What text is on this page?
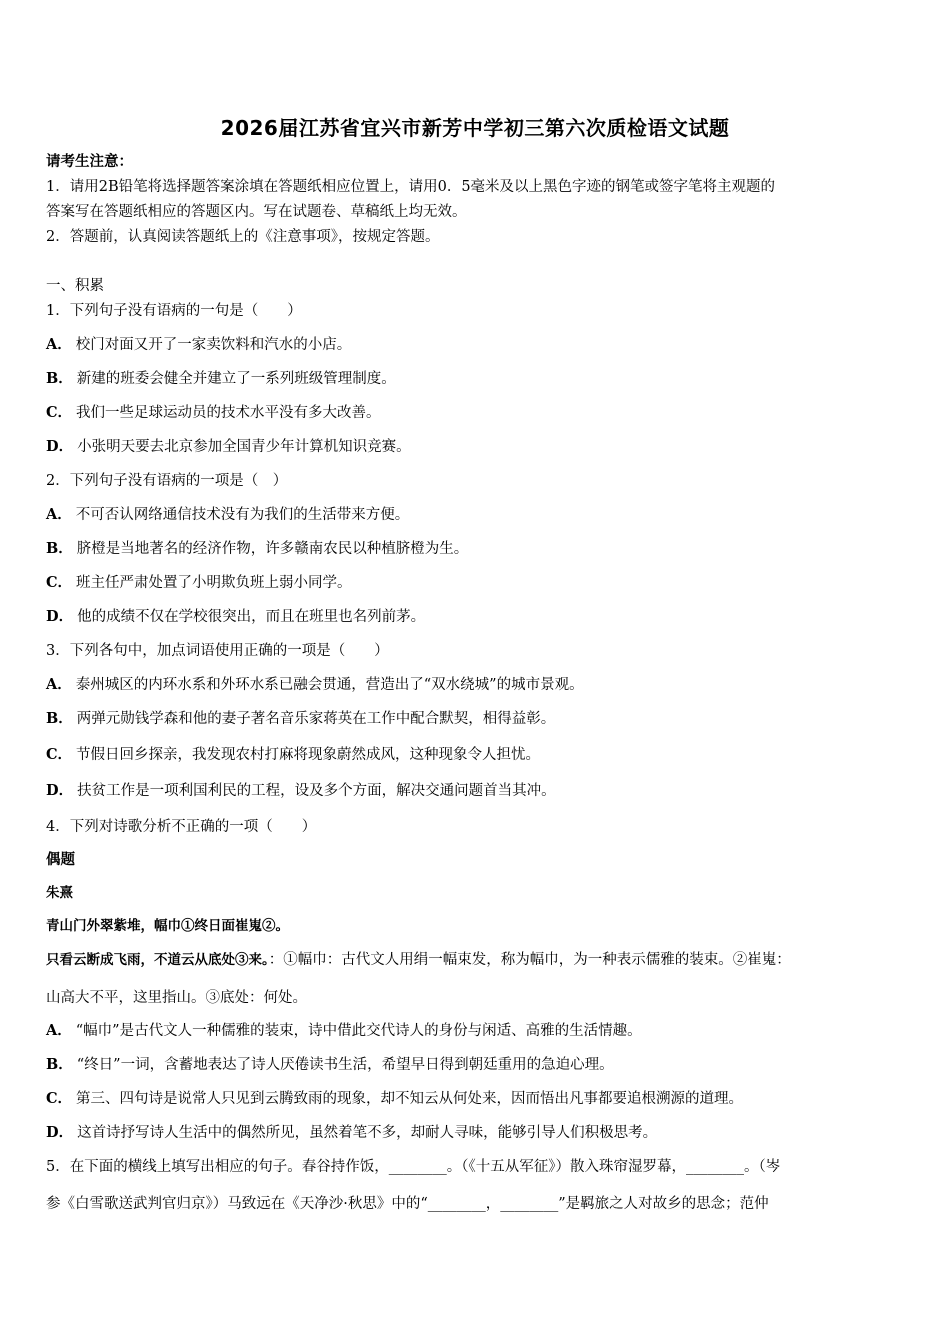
2026届江苏省宜兴市新芳中学初三第六次质检语文试题
请考生注意：
1．请用2B铅笔将选择题答案涂填在答题纸相应位置上，请用0．5毫米及以上黑色字迹的钢笔或签字笔将主观题的
答案写在答题纸相应的答题区内。写在试题卷、草稿纸上均无效。
2．答题前，认真阅读答题纸上的《注意事项》，按规定答题。
一、积累
1．下列句子没有语病的一句是（　　）
A． 校门对面又开了一家卖饮料和汽水的小店。
B． 新建的班委会健全并建立了一系列班级管理制度。
C． 我们一些足球运动员的技术水平没有多大改善。
D． 小张明天要去北京参加全国青少年计算机知识竞赛。
2．下列句子没有语病的一项是（　）
A． 不可否认网络通信技术没有为我们的生活带来方便。
B． 脐橙是当地著名的经济作物，许多赣南农民以种植脐橙为生。
C． 班主任严肃处置了小明欺负班上弱小同学。
D． 他的成绩不仅在学校很突出，而且在班里也名列前茅。
3．下列各句中，加点词语使用正确的一项是（　　）
A． 泰州城区的内环水系和外环水系已融会贯通，营造出了“双水绕城”的城市景观。
B． 两弹元勋钱学森和他的妻子著名音乐家蒋英在工作中配合默契，相得益彰。
C． 节假日回乡探亲，我发现农村打麻将现象蔚然成风，这种现象令人担忧。
D． 扶贫工作是一项利国利民的工程，设及多个方面，解决交通问题首当其冲。
4．下列对诗歌分析不正确的一项（　　）
偶题
朱熹
青山门外翠紫堆，幅巾①终日面崔嵬②。
只看云断成飞雨，不道云从底处③来。：①幅巾：古代文人用绢一幅束发，称为幅巾，为一种表示儒雅的装束。②崔嵬：
山高大不平，这里指山。③底处：何处。
A． “幅巾”是古代文人一种儒雅的装束，诗中借此交代诗人的身份与闲适、高雅的生活情趣。
B． “终日”一词，含蓄地表达了诗人厌倦读书生活，希望早日得到朝廷重用的急迫心理。
C． 第三、四句诗是说常人只见到云腾致雨的现象，却不知云从何处来，因而悟出凡事都要追根溯源的道理。
D． 这首诗抒写诗人生活中的偶然所见，虽然着笔不多，却耐人寻味，能够引导人们积极思考。
5．在下面的横线上填写出相应的句子。春谷持作饭，________。（《十五从军征》）散入珠帘湿罗幕，________。（岑
参《白雪歌送武判官归京》）马致远在《天净沙·秋思》中的“________，________”是羁旅之人对故乡的思念；范仲
